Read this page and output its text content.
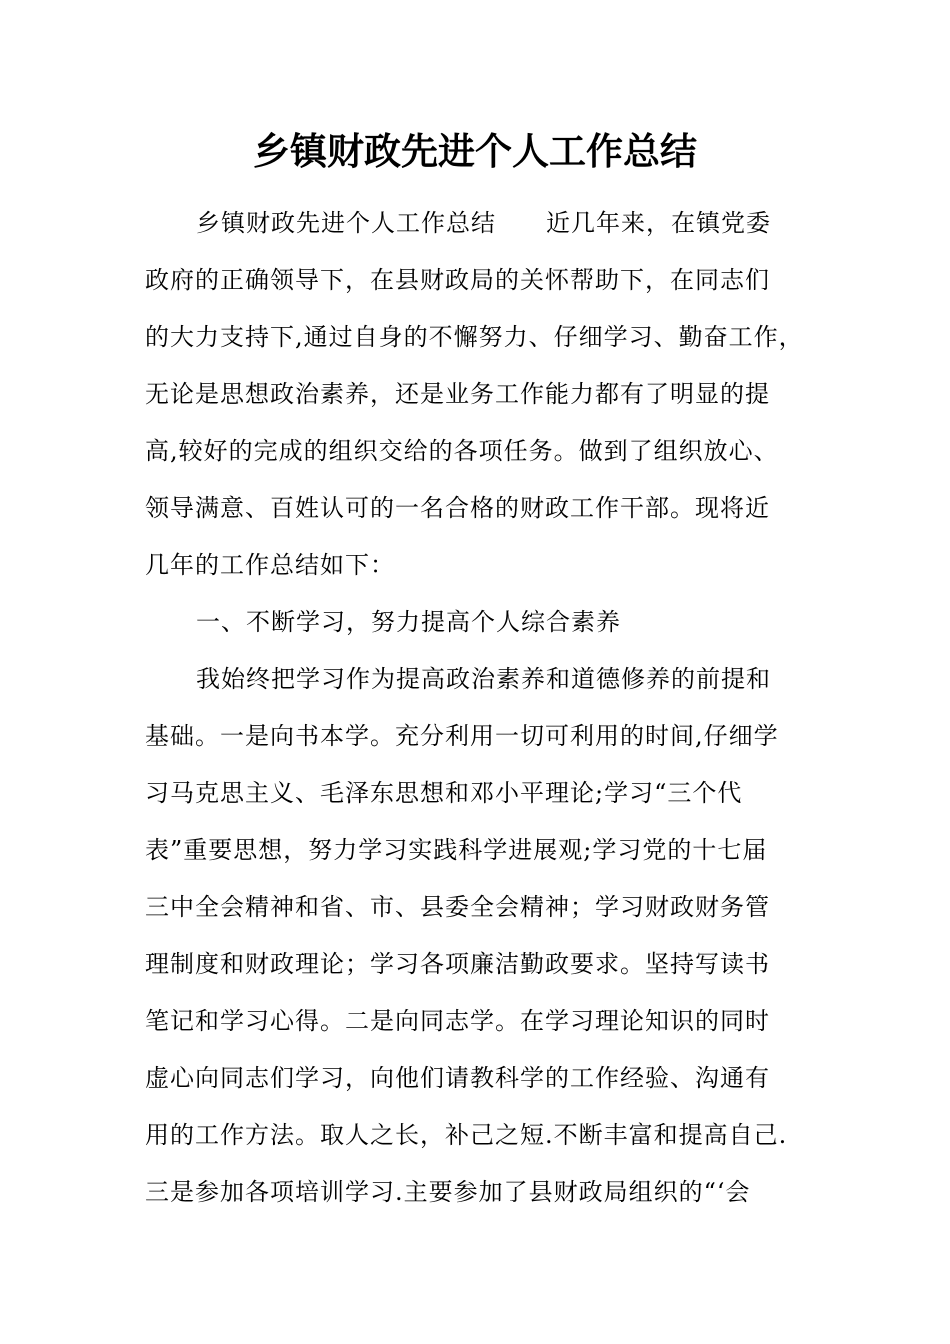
乡镇财政先进个人工作总结
乡镇财政先进个人工作总结　　近几年来，在镇党委
政府的正确领导下，在县财政局的关怀帮助下，在同志们
的大力支持下,通过自身的不懈努力、仔细学习、勤奋工作，
无论是思想政治素养，还是业务工作能力都有了明显的提
高,较好的完成的组织交给的各项任务。做到了组织放心、
领导满意、百姓认可的一名合格的财政工作干部。现将近
几年的工作总结如下：
一、不断学习，努力提高个人综合素养
我始终把学习作为提高政治素养和道德修养的前提和
基础。一是向书本学。充分利用一切可利用的时间,仔细学
习马克思主义、毛泽东思想和邓小平理论;学习“三个代
表”重要思想，努力学习实践科学进展观;学习党的十七届
三中全会精神和省、市、县委全会精神；学习财政财务管
理制度和财政理论；学习各项廉洁勤政要求。坚持写读书
笔记和学习心得。二是向同志学。在学习理论知识的同时
虚心向同志们学习，向他们请教科学的工作经验、沟通有
用的工作方法。取人之长，补己之短.不断丰富和提高自己.
三是参加各项培训学习.主要参加了县财政局组织的“‘会
